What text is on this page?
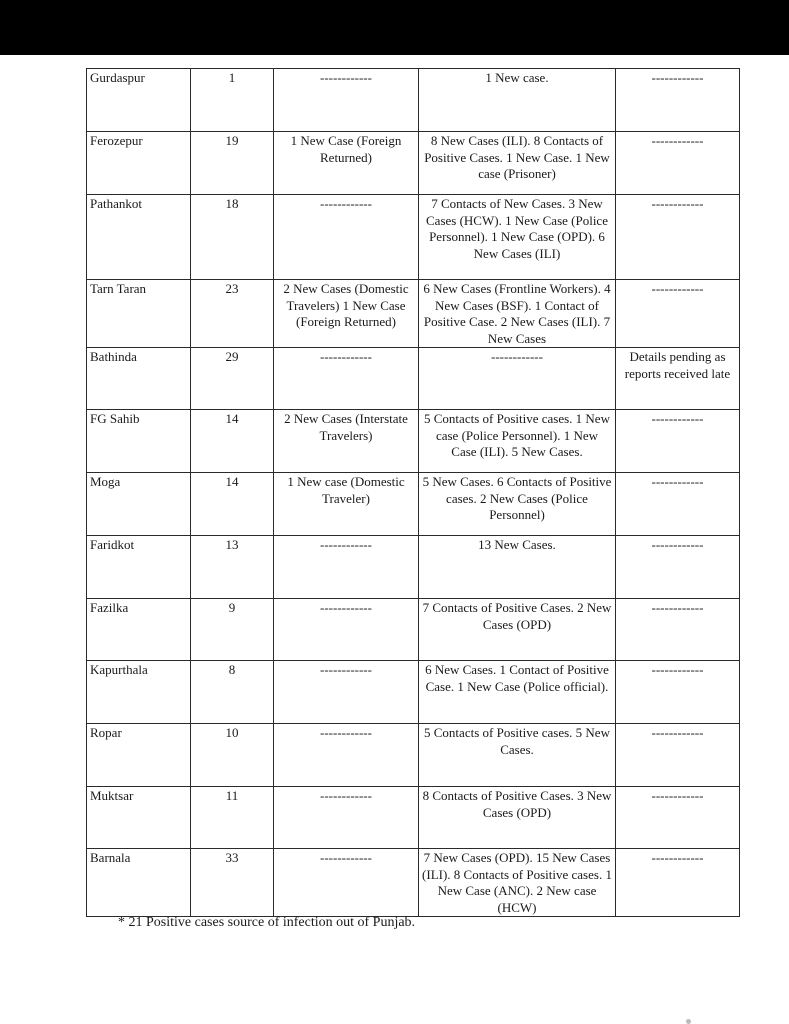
Gurdaspur	1	------------	1 New case.	------------
Ferozepur	19	1 New Case (Foreign Returned)	8 New Cases (ILI). 8 Contacts of Positive Cases. 1 New Case. 1 New case (Prisoner)	------------
Pathankot	18	------------	7 Contacts of New Cases. 3 New Cases (HCW). 1 New Case (Police Personnel). 1 New Case (OPD). 6 New Cases (ILI)	------------
Tarn Taran	23	2 New Cases (Domestic Travelers) 1 New Case (Foreign Returned)	6 New Cases (Frontline Workers). 4 New Cases (BSF). 1 Contact of Positive Case. 2 New Cases (ILI). 7 New Cases	------------
Bathinda	29	------------	------------	Details pending as reports received late
FG Sahib	14	2 New Cases (Interstate Travelers)	5 Contacts of Positive cases. 1 New case (Police Personnel). 1 New Case (ILI). 5 New Cases.	------------
Moga	14	1 New case (Domestic Traveler)	5 New Cases. 6 Contacts of Positive cases. 2 New Cases (Police Personnel)	------------
Faridkot	13	------------	13 New Cases.	------------
Fazilka	9	------------	7 Contacts of Positive Cases. 2 New Cases (OPD)	------------
Kapurthala	8	------------	6 New Cases. 1 Contact of Positive Case. 1 New Case (Police official).	------------
Ropar	10	------------	5 Contacts of Positive cases. 5 New Cases.	------------
Muktsar	11	------------	8 Contacts of Positive Cases. 3 New Cases (OPD)	------------
Barnala	33	------------	7 New Cases (OPD). 15 New Cases (ILI). 8 Contacts of Positive cases. 1 New Case (ANC). 2 New case (HCW)	------------
* 21 Positive cases source of infection out of Punjab.
